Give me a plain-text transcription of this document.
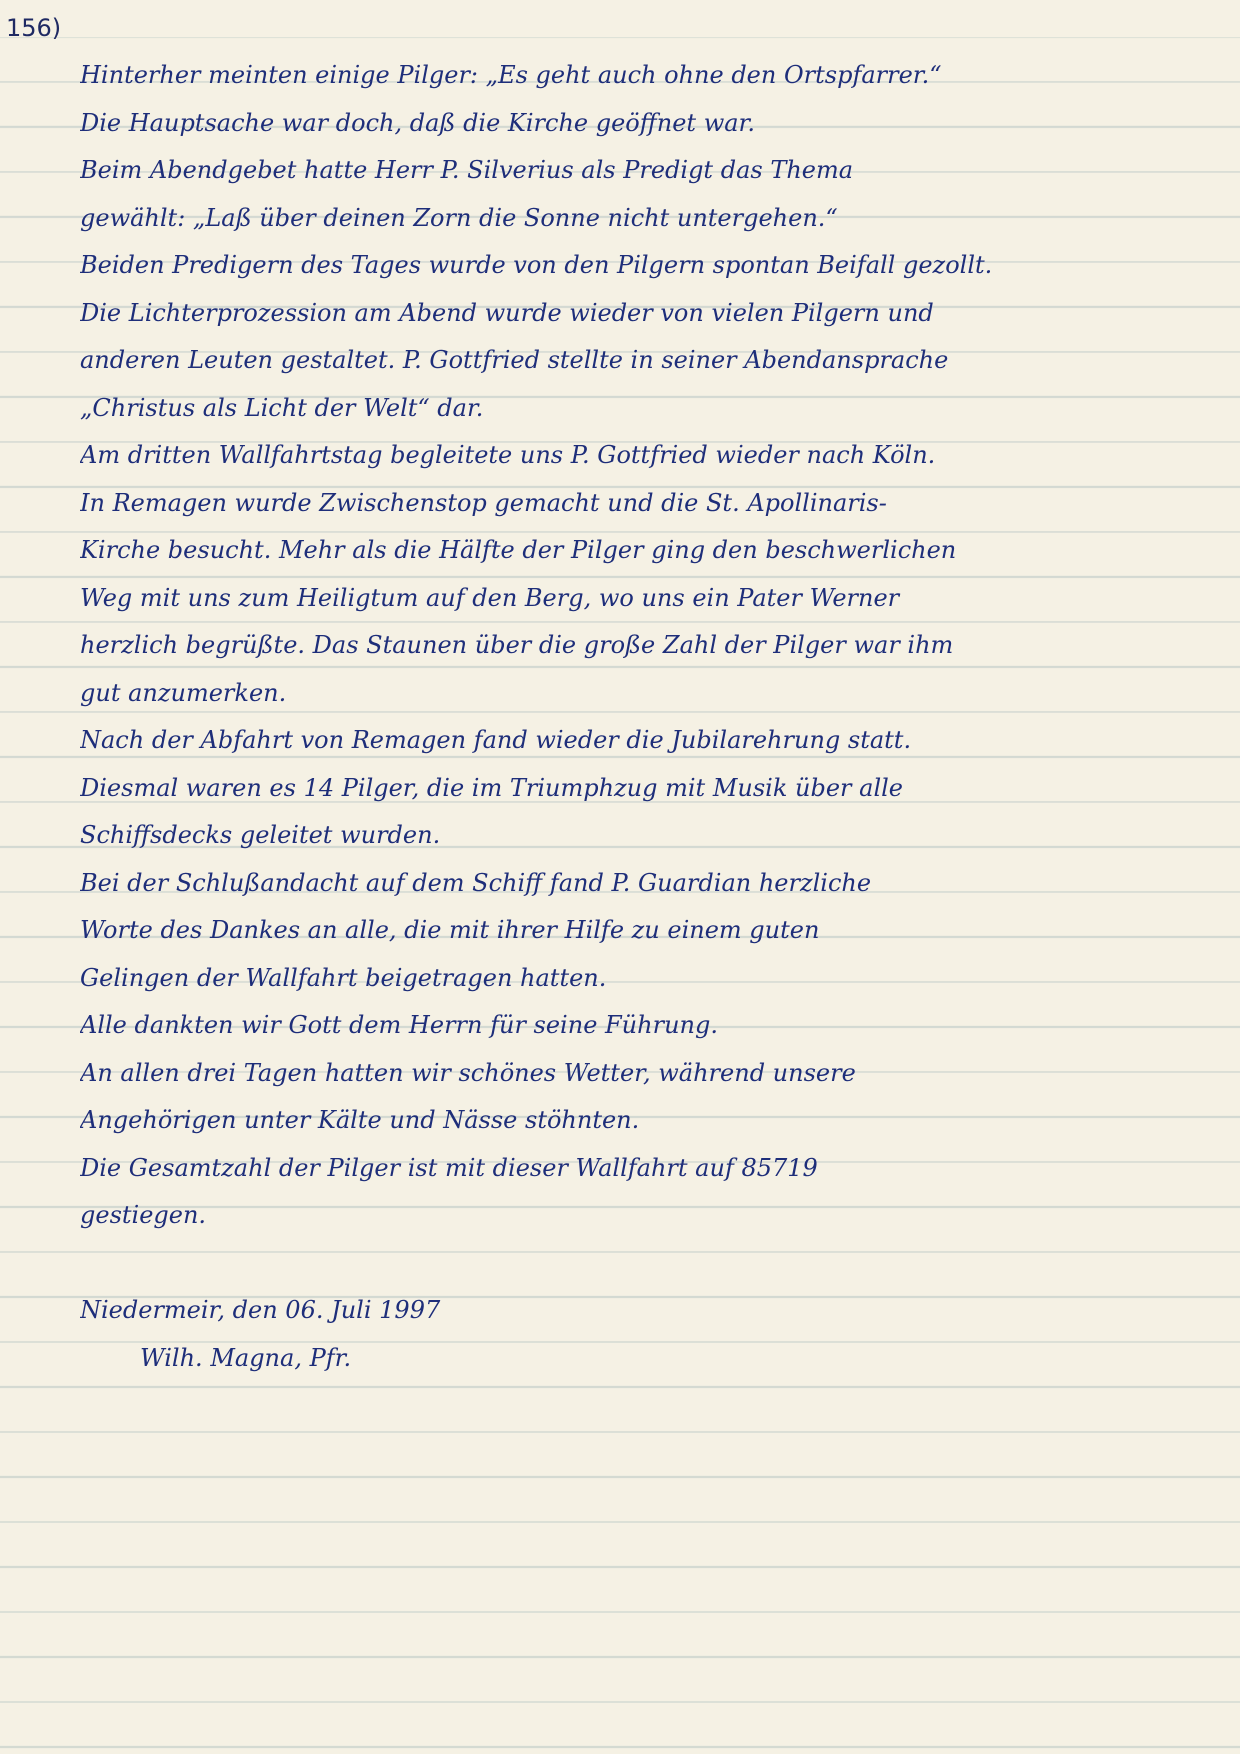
156)
Hinterher meinten einige Pilger: „Es geht auch ohne den Ortspfarrer.“
Die Hauptsache war doch, daß die Kirche geöffnet war.
Beim Abendgebet hatte Herr P. Silverius als Predigt das Thema
gewählt: „Laß über deinen Zorn die Sonne nicht untergehen.“
Beiden Predigern des Tages wurde von den Pilgern spontan Beifall gezollt.
Die Lichterprozession am Abend wurde wieder von vielen Pilgern und
anderen Leuten gestaltet. P. Gottfried stellte in seiner Abendansprache
„Christus als Licht der Welt“ dar.
Am dritten Wallfahrtstag begleitete uns P. Gottfried wieder nach Köln.
In Remagen wurde Zwischenstop gemacht und die St. Apollinaris-
Kirche besucht. Mehr als die Hälfte der Pilger ging den beschwerlichen
Weg mit uns zum Heiligtum auf den Berg, wo uns ein Pater Werner
herzlich begrüßte. Das Staunen über die große Zahl der Pilger war ihm
gut anzumerken.
Nach der Abfahrt von Remagen fand wieder die Jubilarehrung statt.
Diesmal waren es 14 Pilger, die im Triumphzug mit Musik über alle
Schiffsdecks geleitet wurden.
Bei der Schlußandacht auf dem Schiff fand P. Guardian herzliche
Worte des Dankes an alle, die mit ihrer Hilfe zu einem guten
Gelingen der Wallfahrt beigetragen hatten.
Alle dankten wir Gott dem Herrn für seine Führung.
An allen drei Tagen hatten wir schönes Wetter, während unsere
Angehörigen unter Kälte und Nässe stöhnten.
Die Gesamtzahl der Pilger ist mit dieser Wallfahrt auf 85719
gestiegen.
Niedermeir, den 06. Juli 1997
Wilh. Magna, Pfr.
